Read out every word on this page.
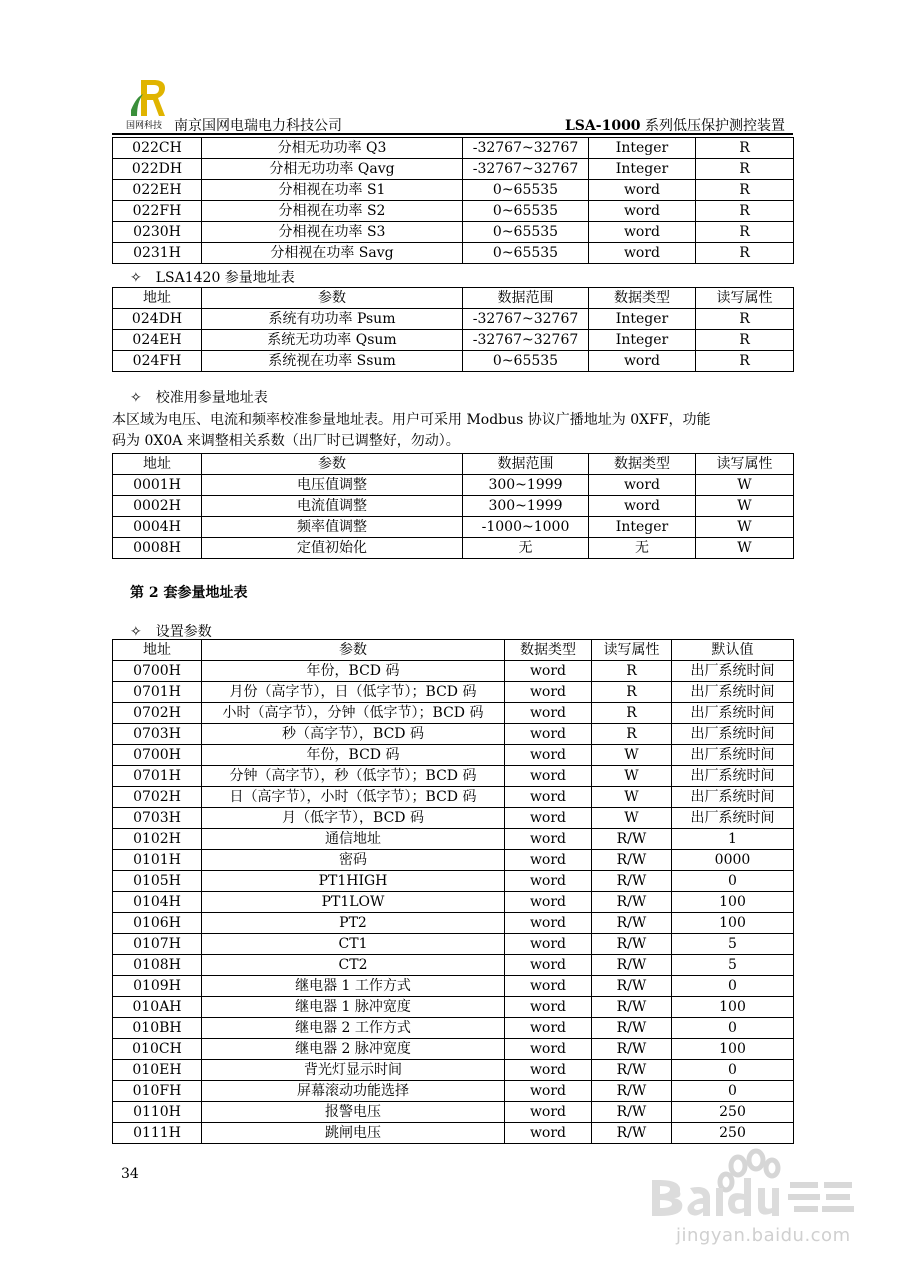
国网科技 南京国网电瑞电力科技公司	LSA-1000 系列低压保护测控装置
022CH	分相无功功率 Q3	-32767~32767	Integer	R
022DH	分相无功功率 Qavg	-32767~32767	Integer	R
022EH	分相视在功率 S1	0~65535	word	R
022FH	分相视在功率 S2	0~65535	word	R
0230H	分相视在功率 S3	0~65535	word	R
0231H	分相视在功率 Savg	0~65535	word	R
✧ LSA1420 参量地址表
地址	参数	数据范围	数据类型	读写属性
024DH	系统有功功率 Psum	-32767~32767	Integer	R
024EH	系统无功功率 Qsum	-32767~32767	Integer	R
024FH	系统视在功率 Ssum	0~65535	word	R
✧ 校准用参量地址表
本区域为电压、电流和频率校准参量地址表。用户可采用 Modbus 协议广播地址为 0XFF，功能
码为 0X0A 来调整相关系数（出厂时已调整好，勿动）。
地址	参数	数据范围	数据类型	读写属性
0001H	电压值调整	300~1999	word	W
0002H	电流值调整	300~1999	word	W
0004H	频率值调整	-1000~1000	Integer	W
0008H	定值初始化	无	无	W
第 2 套参量地址表
✧ 设置参数
地址	参数	数据类型	读写属性	默认值
0700H	年份，BCD 码	word	R	出厂系统时间
0701H	月份（高字节），日（低字节）；BCD 码	word	R	出厂系统时间
0702H	小时（高字节），分钟（低字节）；BCD 码	word	R	出厂系统时间
0703H	秒（高字节），BCD 码	word	R	出厂系统时间
0700H	年份，BCD 码	word	W	出厂系统时间
0701H	分钟（高字节），秒（低字节）；BCD 码	word	W	出厂系统时间
0702H	日（高字节），小时（低字节）；BCD 码	word	W	出厂系统时间
0703H	月（低字节），BCD 码	word	W	出厂系统时间
0102H	通信地址	word	R/W	1
0101H	密码	word	R/W	0000
0105H	PT1HIGH	word	R/W	0
0104H	PT1LOW	word	R/W	100
0106H	PT2	word	R/W	100
0107H	CT1	word	R/W	5
0108H	CT2	word	R/W	5
0109H	继电器 1 工作方式	word	R/W	0
010AH	继电器 1 脉冲宽度	word	R/W	100
010BH	继电器 2 工作方式	word	R/W	0
010CH	继电器 2 脉冲宽度	word	R/W	100
010EH	背光灯显示时间	word	R/W	0
010FH	屏幕滚动功能选择	word	R/W	0
0110H	报警电压	word	R/W	250
0111H	跳闸电压	word	R/W	250
34
jingyan.baidu.com
